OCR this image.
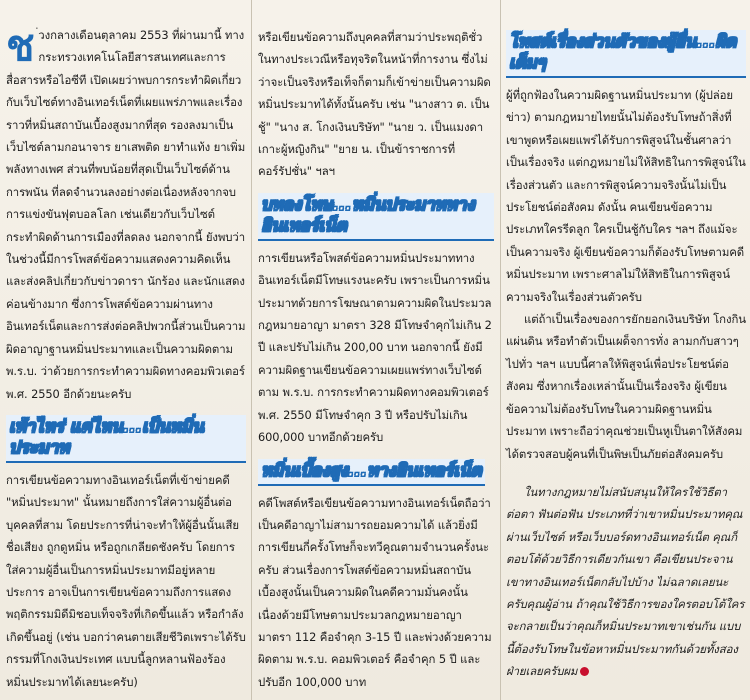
ช ่วงกลางเดือนตุลาคม 2553 ที่ผ่านมานี้ ทางกระทรวงเทคโนโลยีสารสนเทศและการสื่อสารหรือไอซีที เปิดเผยว่าพบการกระทำผิดเกี่ยวกับเว็บไซต์ทางอินเทอร์เน็ตที่เผยแพร่ภาพและเรื่องราวที่หมิ่นสถาบันเบื้องสูงมากที่สุด รองลงมาเป็นเว็บไซต์ลามกอนาจาร ยาเสพติด ยาทำแท้ง ยาเพิ่มพลังทางเพศ ส่วนที่พบน้อยที่สุดเป็นเว็บไซต์ด้านการพนัน ที่ลดจำนวนลงอย่างต่อเนื่องหลังจากจบการแข่งขันฟุตบอลโลก เช่นเดียวกับเว็บไซต์กระทำผิดด้านการเมืองที่ลดลง นอกจากนี้ ยังพบว่าในช่วงนี้มีการโพสต์ข้อความแสดงความคิดเห็นและส่งคลิปเกี่ยวกับข่าวดารา นักร้อง และนักแสดงค่อนข้างมาก ซึ่งการโพสต์ข้อความผ่านทางอินเทอร์เน็ตและการส่งต่อคลิปพวกนี้ส่วนเป็นความผิดอาญาฐานหมิ่นประมาทและเป็นความผิดตาม พ.ร.บ. ว่าด้วยการกระทำความผิดทางคอมพิวเตอร์ พ.ศ. 2550 อีกด้วยนะครับ

เท้าไหร่ แค่ไหน...เป็นหมิ่นประมาท

การเขียนข้อความทางอินเทอร์เน็ตที่เข้าข่ายคดี "หมิ่นประมาท" นั้นหมายถึงการใส่ความผู้อื่นต่อบุคคลที่สาม โดยประการที่น่าจะทำให้ผู้อื่นนั้นเสียชื่อเสียง ถูกดูหมิ่น หรือถูกเกลียดชังครับ โดยการใส่ความผู้อื่นเป็นการหมิ่นประมาทมีอยู่หลายประการ อาจเป็นการเขียนข้อความถึงการแสดงพฤติกรรมมิดีมิชอบเท็จจริงที่เกิดขึ้นแล้ว หรือกำลังเกิดขึ้นอยู่ (เช่น บอกว่าคนตายเสียชีวิตเพราะได้รับกรรมที่โกงเงินประเทศ แบบนี้ลูกหลานฟ้องร้องหมิ่นประมาทได้เลยนะครับ)

หรือเขียนข้อความถึงบุคคลที่สามว่าประพฤติชั่วในทางประเวณีหรือทุจริตในหน้าที่การงาน ซึ่งไม่ว่าจะเป็นจริงหรือเท็จก็ตามก็เข้าข่ายเป็นความผิดหมิ่นประมาทได้ทั้งนั้นครับ เช่น "นางสาว ต. เป็นชู้" "นาง ส. โกงเงินบริษัท" "นาย ว. เป็นแมงดาเกาะผู้หญิงกิน" "ยาย น. เป็นข้าราชการที่คอร์รัปชั่น" ฯลฯ

บทลงโทษ...หมิ่นประมาททางอินเทอร์เน็ต

การเขียนหรือโพสต์ข้อความหมิ่นประมาททางอินเทอร์เน็ตมีโทษแรงนะครับ เพราะเป็นการหมิ่นประมาทด้วยการโฆษณาตามความผิดในประมวลกฎหมายอาญา มาตรา 328 มีโทษจำคุกไม่เกิน 2 ปี และปรับไม่เกิน 200,00 บาท นอกจากนี้ ยังมีความผิดฐานเขียนข้อความเผยแพร่ทางเว็บไซต์ ตาม พ.ร.บ. การกระทำความผิดทางคอมพิวเตอร์ พ.ศ. 2550 มีโทษจำคุก 3 ปี หรือปรับไม่เกิน 600,000 บาทอีกด้วยครับ

หมิ่นเบื้องสูง...ทางอินเทอร์เน็ต

คดีโพสต์หรือเขียนข้อความทางอินเทอร์เน็ตถือว่าเป็นคดีอาญาไม่สามารถยอมความได้ แล้วยิ่งมีการเขียนกี่ครั้งโทษก็จะทวีคูณตามจำนวนครั้งนะครับ ส่วนเรื่องการโพสต์ข้อความหมิ่นสถาบันเบื้องสูงนั้นเป็นความผิดในคดีความมั่นคงนั้น เนื่องด้วยมีโทษตามประมวลกฎหมายอาญามาตรา 112 คือจำคุก 3-15 ปี และพ่วงด้วยความผิดตาม พ.ร.บ. คอมพิวเตอร์ คือจำคุก 5 ปี และปรับอีก 100,000 บาท

โพสต์เรื่องส่วนตัวของผู้อื่น...ผิดเต็มๆ

ผู้ที่ถูกฟ้องในความผิดฐานหมิ่นประมาท (ผู้ปล่อยข่าว) ตามกฎหมายไทยนั้นไม่ต้องรับโทษถ้าสิ่งที่เขาพูดหรือเผยแพร่ได้รับการพิสูจน์ในชั้นศาลว่าเป็นเรื่องจริง แต่กฎหมายไม่ให้สิทธิในการพิสูจน์ในเรื่องส่วนตัว และการพิสูจน์ความจริงนั้นไม่เป็นประโยชน์ต่อสังคม ดังนั้น คนเขียนข้อความประเภทใครรีดลูก ใครเป็นชู้กับใคร ฯลฯ ถึงแม้จะเป็นความจริง ผู้เขียนข้อความก็ต้องรับโทษตามคดีหมิ่นประมาท เพราะศาลไม่ให้สิทธิในการพิสูจน์ความจริงในเรื่องส่วนตัวครับ

แต่ถ้าเป็นเรื่องของการยักยอกเงินบริษัท โกงกินแผ่นดิน หรือทำตัวเป็นเผด็จการทั่ง ลามกกับสาวๆ ไปทั่ว ฯลฯ แบบนี้ศาลให้พิสูจน์เพื่อประโยชน์ต่อสังคม ซึ่งหากเรื่องเหล่านั้นเป็นเรื่องจริง ผู้เขียนข้อความไม่ต้องรับโทษในความผิดฐานหมิ่นประมาท เพราะถือว่าคุณช่วยเป็นหูเป็นตาให้สังคมได้ตรวจสอบผู้คนที่เป็นพิษเป็นภัยต่อสังคมครับ

ในทางกฎหมายไม่สนับสนุนให้ใครใช้วิธีตาต่อตา ฟันต่อฟัน ประเภทที่ว่าเขาหมิ่นประมาทคุณผ่านเว็บไซต์ หรือเว็บบอร์ดทางอินเทอร์เน็ต คุณก็ตอบโต้ด้วยวิธีการเดียวกันเขา คือเขียนประจานเขาทางอินเทอร์เน็ตกลับไปบ้าง ไม่ฉลาดเลยนะครับคุณผู้อ่าน ถ้าคุณใช้วิธีการของใครตอบโต้ใคร จะกลายเป็นว่าคุณก็หมิ่นประมาทเขาเช่นกัน แบบนี้ต้องรับโทษในข้อหาหมิ่นประมาทกันด้วยทั้งสองฝ่ายเลยครับผม
